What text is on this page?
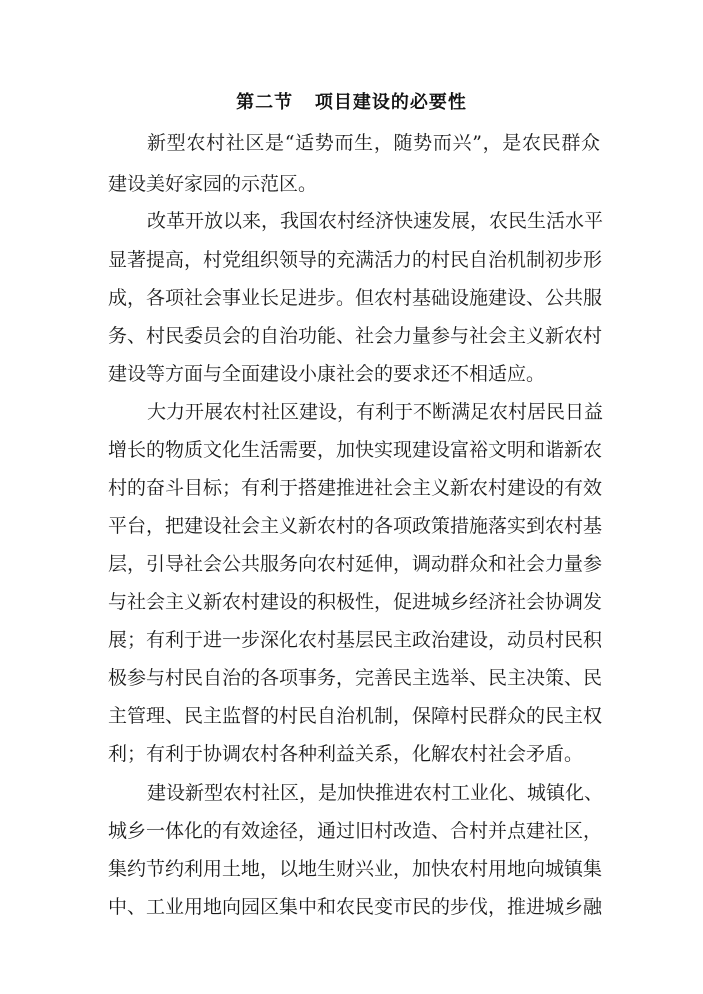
第二节   项目建设的必要性
新型农村社区是“适势而生，随势而兴”，是农民群众
建设美好家园的示范区。
改革开放以来，我国农村经济快速发展，农民生活水平
显著提高，村党组织领导的充满活力的村民自治机制初步形
成，各项社会事业长足进步。但农村基础设施建设、公共服
务、村民委员会的自治功能、社会力量参与社会主义新农村
建设等方面与全面建设小康社会的要求还不相适应。
大力开展农村社区建设，有利于不断满足农村居民日益
增长的物质文化生活需要，加快实现建设富裕文明和谐新农
村的奋斗目标；有利于搭建推进社会主义新农村建设的有效
平台，把建设社会主义新农村的各项政策措施落实到农村基
层，引导社会公共服务向农村延伸，调动群众和社会力量参
与社会主义新农村建设的积极性，促进城乡经济社会协调发
展；有利于进一步深化农村基层民主政治建设，动员村民积
极参与村民自治的各项事务，完善民主选举、民主决策、民
主管理、民主监督的村民自治机制，保障村民群众的民主权
利；有利于协调农村各种利益关系，化解农村社会矛盾。
建设新型农村社区，是加快推进农村工业化、城镇化、
城乡一体化的有效途径，通过旧村改造、合村并点建社区，
集约节约利用土地，以地生财兴业，加快农村用地向城镇集
中、工业用地向园区集中和农民变市民的步伐，推进城乡融
